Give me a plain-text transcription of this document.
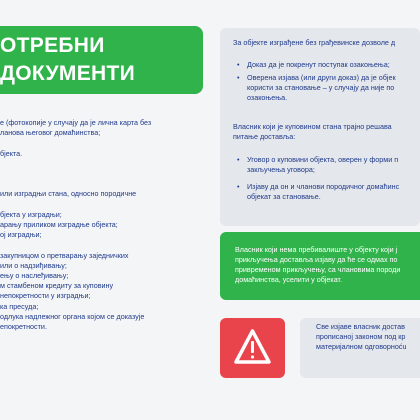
ОТРЕБНИ
ДОКУМЕНТИ
е (фотокопије у случају да је лична карта без
ланова његовог домаћинства;
бјекта.
или изградњи стана, односно породичне
бјекта у изградњи;
арању приликом изградње објекта;
ој изградњи;
закупницом о претварању заједничких
или о надзиђивању;
ењу о наслеђивању;
м стамбеном кредиту за куповину
непокретности у изградњи;
ка пресуда;
одлука надлежног органа којом се доказује
епокретности.
За објекте изграђене без грађевинске дозволе д
• Доказ да је покренут поступак озакоњења;
• Оверена изјава (или други доказ) да је објек
користи за становање – у случају да није по
озакоњења.
Власник који је куповином стана трајно решава
питање доставља:
• Уговор о куповини објекта, оверен у форми п
закључења уговора;
• Изјаву да он и чланови породичног домаћинс
објекат за становање.
Власник који нема пребивалиште у објекту који ј
прикључења доставља изјаву да ће се одмах по
привременом прикључењу, са члановима породи
домаћинства, уселити у објекат.
Све изјаве власник достав
прописаној законом под кр
материјалном одговорноću
